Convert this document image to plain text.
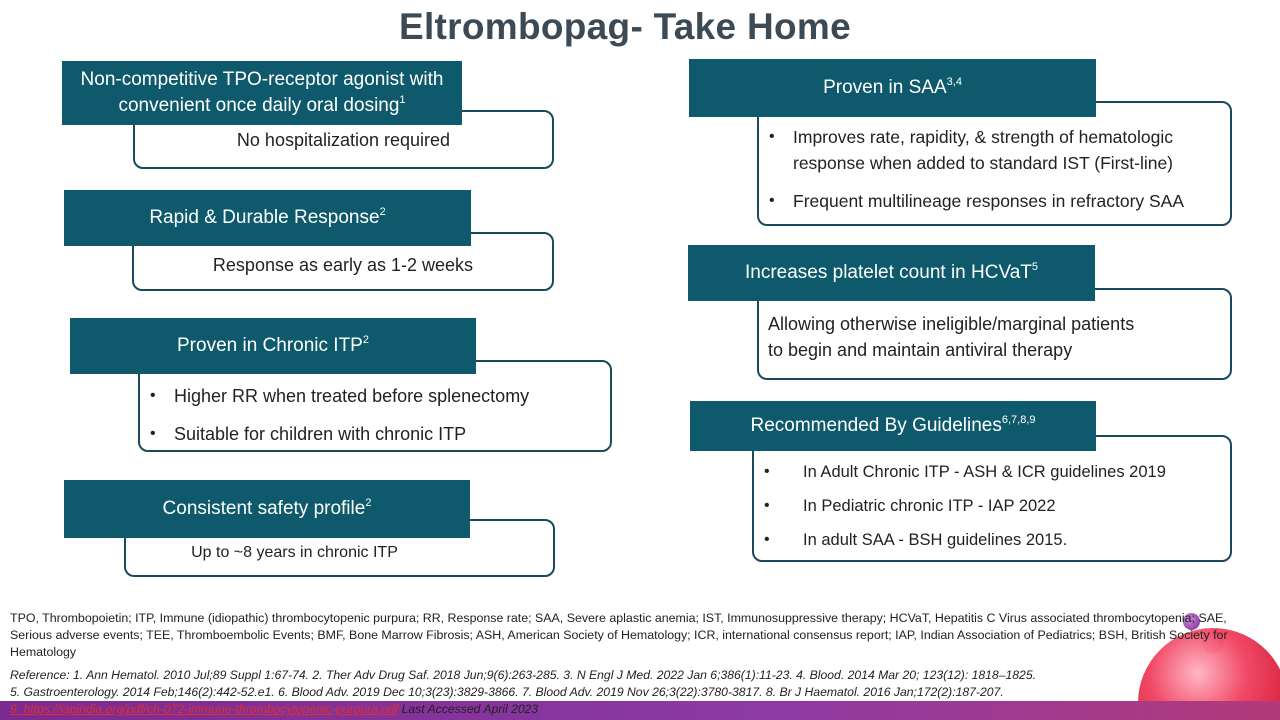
Eltrombopag- Take Home
Non-competitive TPO-receptor agonist with
convenient once daily oral dosing$^1$
No hospitalization required
Rapid & Durable Response$^2$
Response as early as 1-2 weeks
Proven in Chronic ITP$^2$
• Higher RR when treated before splenectomy
• Suitable for children with chronic ITP
Consistent safety profile$^2$
Up to ~8 years in chronic ITP
Proven in SAA$^{3,4}$
• Improves rate, rapidity, & strength of hematologic response when added to standard IST (First-line)
• Frequent multilineage responses in refractory SAA
Increases platelet count in HCVaT$^5$
Allowing otherwise ineligible/marginal patients
to begin and maintain antiviral therapy
Recommended By Guidelines$^{6,7,8,9}$
• In Adult Chronic ITP - ASH & ICR guidelines 2019
• In Pediatric chronic ITP - IAP 2022
• In adult SAA - BSH guidelines 2015.
TPO, Thrombopoietin; ITP, Immune (idiopathic) thrombocytopenic purpura; RR, Response rate; SAA, Severe aplastic anemia; IST, Immunosuppressive therapy; HCVaT, Hepatitis C Virus associated thrombocytopenia; SAE, Serious adverse events; TEE, Thromboembolic Events; BMF, Bone Marrow Fibrosis; ASH, American Society of Hematology; ICR, international consensus report; IAP, Indian Association of Pediatrics; BSH, British Society for Hematology
Reference: 1. Ann Hematol. 2010 Jul;89 Suppl 1:67-74. 2. Ther Adv Drug Saf. 2018 Jun;9(6):263-285. 3. N Engl J Med. 2022 Jan 6;386(1):11-23. 4. Blood. 2014 Mar 20; 123(12): 1818–1825.
5. Gastroenterology. 2014 Feb;146(2):442-52.e1. 6. Blood Adv. 2019 Dec 10;3(23):3829-3866. 7. Blood Adv. 2019 Nov 26;3(22):3780-3817. 8. Br J Haematol. 2016 Jan;172(2):187-207.
9. https://iapindia.org/pdf/ch-072-immune-thrombocytopenic-purpura.pdf Last Accessed April 2023
